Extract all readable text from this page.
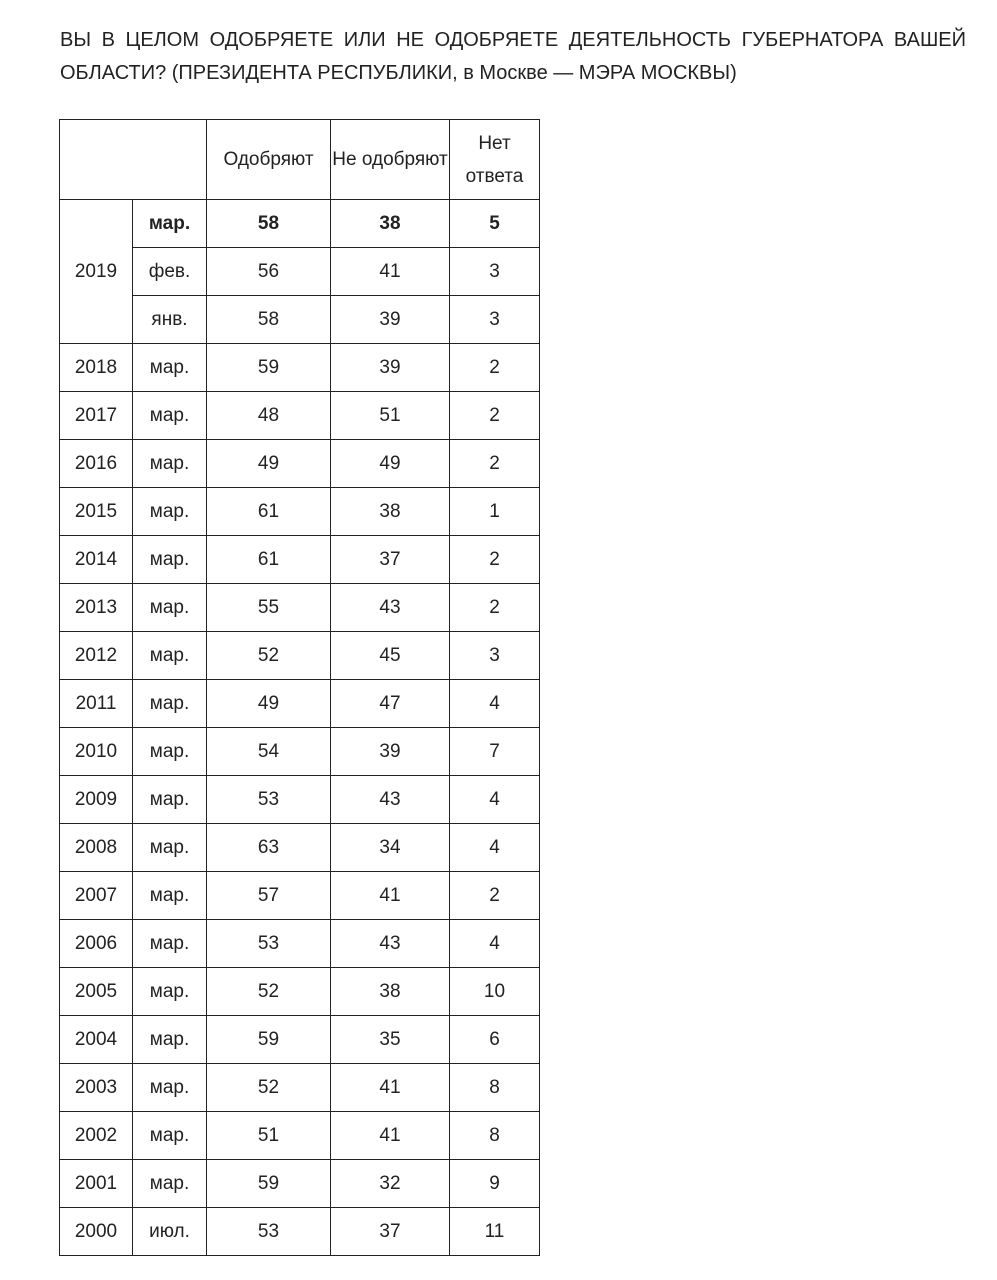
ВЫ В ЦЕЛОМ ОДОБРЯЕТЕ ИЛИ НЕ ОДОБРЯЕТЕ ДЕЯТЕЛЬНОСТЬ ГУБЕРНАТОРА ВАШЕЙ ОБЛАСТИ? (ПРЕЗИДЕНТА РЕСПУБЛИКИ, в Москве — МЭРА МОСКВЫ)

		Одобряют	Не одобряют	Нет ответа
2019	мар.	58	38	5
	фев.	56	41	3
	янв.	58	39	3
2018	мар.	59	39	2
2017	мар.	48	51	2
2016	мар.	49	49	2
2015	мар.	61	38	1
2014	мар.	61	37	2
2013	мар.	55	43	2
2012	мар.	52	45	3
2011	мар.	49	47	4
2010	мар.	54	39	7
2009	мар.	53	43	4
2008	мар.	63	34	4
2007	мар.	57	41	2
2006	мар.	53	43	4
2005	мар.	52	38	10
2004	мар.	59	35	6
2003	мар.	52	41	8
2002	мар.	51	41	8
2001	мар.	59	32	9
2000	июл.	53	37	11
